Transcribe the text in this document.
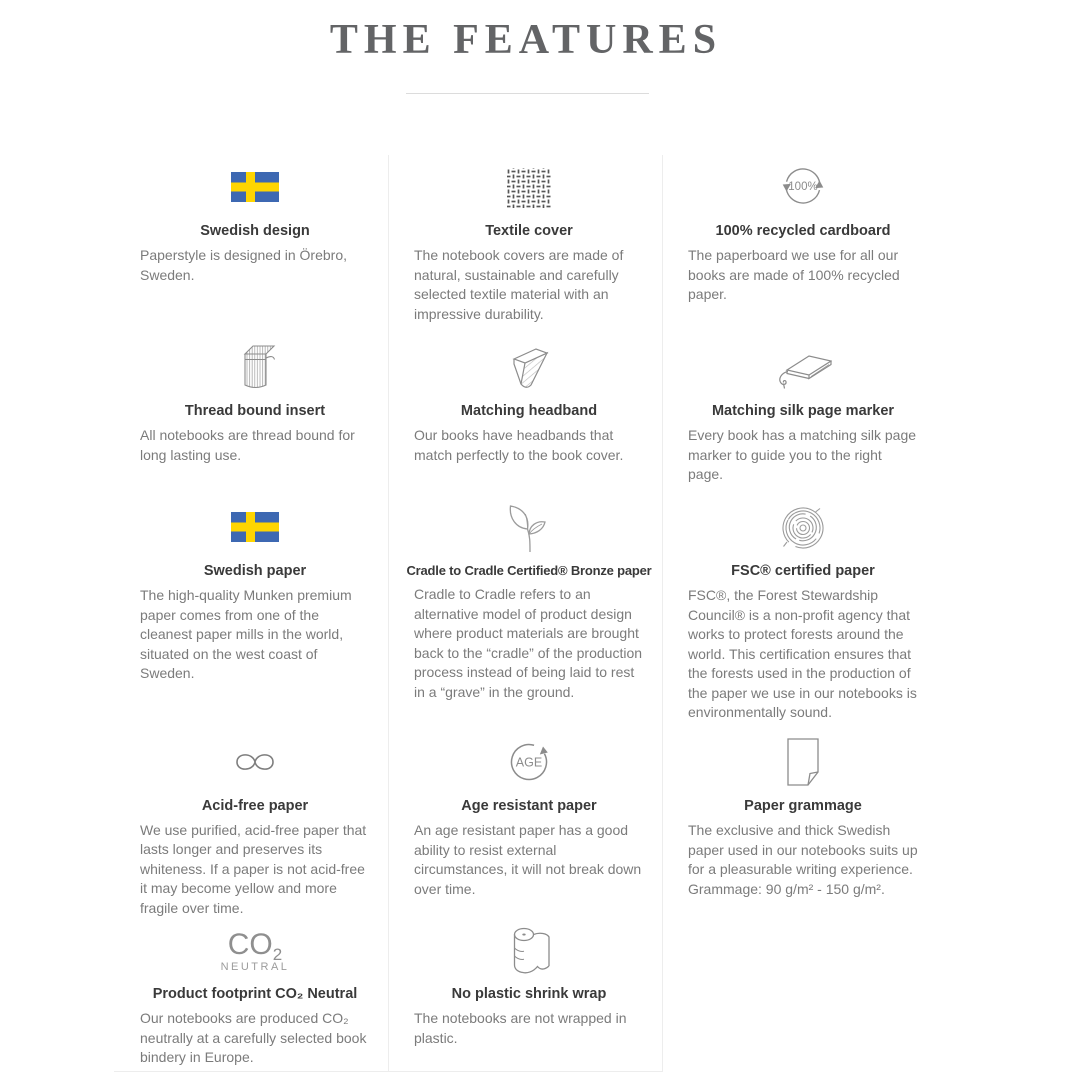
THE FEATURES
Swedish design

Paperstyle is designed in Örebro, Sweden.

Textile cover

The notebook covers are made of natural, sustainable and carefully selected textile material with an impressive durability.

100%
100% recycled cardboard

The paperboard we use for all our books are made of 100% recycled paper.

Thread bound insert

All notebooks are thread bound for long lasting use.

Matching headband

Our books have headbands that match perfectly to the book cover.

Matching silk page marker

Every book has a matching silk page marker to guide you to the right page.

Swedish paper

The high-quality Munken premium paper comes from one of the cleanest paper mills in the world, situated on the west coast of Sweden.

Cradle to Cradle Certified® Bronze paper

Cradle to Cradle refers to an alternative model of product design where product materials are brought back to the “cradle” of the production process instead of being laid to rest in a “grave” in the ground.

FSC® certified paper

FSC®, the Forest Stewardship Council® is a non-profit agency that works to protect forests around the world. This certification ensures that the forests used in the production of the paper we use in our notebooks is environmentally sound.

Acid-free paper

We use purified, acid-free paper that lasts longer and preserves its whiteness. If a paper is not acid-free it may become yellow and more fragile over time.

AGE
Age resistant paper

An age resistant paper has a good ability to resist external circumstances, it will not break down over time.

Paper grammage

The exclusive and thick Swedish paper used in our notebooks suits up for a pleasurable writing experience. Grammage: 90 g/m² - 150 g/m².

$CO_2$
NEUTRAL
Product footprint CO₂ Neutral

Our notebooks are produced CO₂ neutrally at a carefully selected book bindery in Europe.

No plastic shrink wrap

The notebooks are not wrapped in plastic.
